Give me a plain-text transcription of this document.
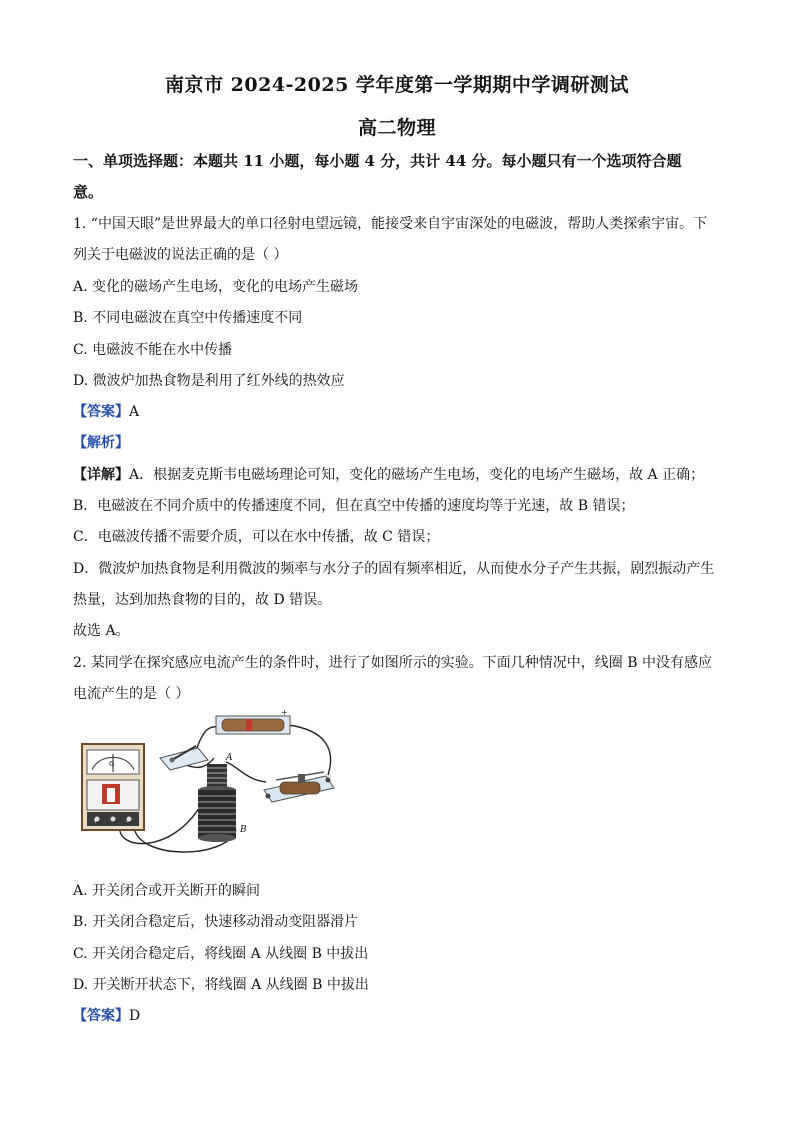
南京市 2024-2025 学年度第一学期期中学调研测试
高二物理
一、单项选择题：本题共 11 小题，每小题 4 分，共计 44 分。每小题只有一个选项符合题
意。
1. “中国天眼”是世界最大的单口径射电望远镜，能接受来自宇宙深处的电磁波，帮助人类探索宇宙。下
列关于电磁波的说法正确的是（ ）
A. 变化的磁场产生电场，变化的电场产生磁场
B. 不同电磁波在真空中传播速度不同
C. 电磁波不能在水中传播
D. 微波炉加热食物是利用了红外线的热效应
【答案】A
【解析】
【详解】A．根据麦克斯韦电磁场理论可知，变化的磁场产生电场，变化的电场产生磁场，故 A 正确；
B．电磁波在不同介质中的传播速度不同，但在真空中传播的速度均等于光速，故 B 错误；
C．电磁波传播不需要介质，可以在水中传播，故 C 错误；
D．微波炉加热食物是利用微波的频率与水分子的固有频率相近，从而使水分子产生共振，剧烈振动产生
热量，达到加热食物的目的，故 D 错误。
故选 A。
2. 某同学在探究感应电流产生的条件时，进行了如图所示的实验。下面几种情况中，线圈 B 中没有感应
电流产生的是（ ）
G
+	−
+
A
B
A. 开关闭合或开关断开的瞬间
B. 开关闭合稳定后，快速移动滑动变阻器滑片
C. 开关闭合稳定后，将线圈 A 从线圈 B 中拔出
D. 开关断开状态下，将线圈 A 从线圈 B 中拔出
【答案】D
